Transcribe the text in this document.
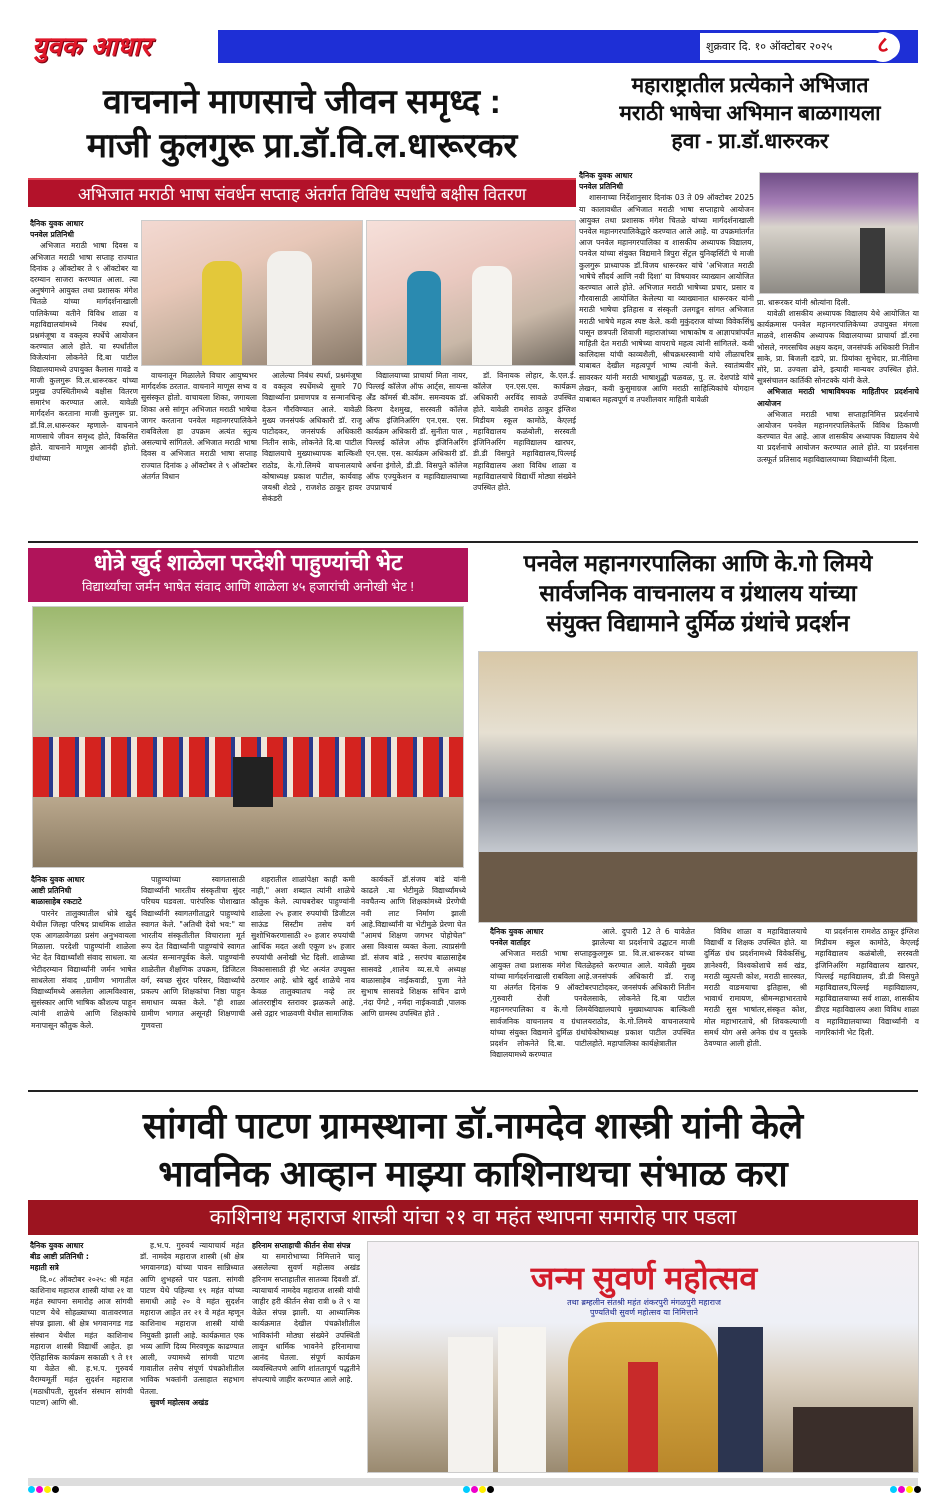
युवक आधार	शुक्रवार दि. १० ऑक्टोबर २०२५	८
वाचनाने माणसाचे जीवन समृध्द :
माजी कुलगुरू प्रा.डॉ.वि.ल.धारूरकर
अभिजात मराठी भाषा संवर्धन सप्ताह अंतर्गत विविध स्पर्धांचे बक्षीस वितरण
दैनिक युवक आधार
पनवेल प्रतिनिधी

अभिजात मराठी भाषा दिवस व अभिजात मराठी भाषा सप्ताह राज्यात दिनांक ३ ऑक्टोबर ते ९ ऑक्टोबर या दरम्यान साजरा करण्यात आला. त्या अनुषंगाने आयुक्त तथा प्रशासक मंगेश चितळे यांच्या मार्गदर्शनाखाली पालिकेच्या वतीने विविध शाळा व महाविद्यालयांमध्ये निबंध स्पर्धा, प्रश्नमंजूषा व वक्तृत्व स्पर्धेचे आयोजन करण्यात आले होते. या स्पर्धांतील विजेत्यांना लोकनेते दि.बा पाटील विद्यालयामध्ये उपायुक्त कैलास गावडे व माजी कुलगुरू वि.ल.धारूरकर यांच्या प्रमुख उपस्थितीमध्ये बक्षीस वितरण समारंभ करण्यात आले. यावेळी मार्गदर्शन करताना माजी कुलगुरू प्रा. डॉ.वि.ल.धारूरकर म्हणाले- वाचनाने माणसाचे जीवन समृध्द होते, विकसित होते. वाचनाने माणूस आनंदी होतो. ग्रंथांच्या

वाचनातून मिळालेले विचार आयुष्यभर मार्गदर्शक ठरतात. वाचनाने माणूस सभ्य व सुसंस्कृत होतो. वाचायला शिका, जगायला शिका असे सांगून अभिजात मराठी भाषेचा जागर करताना पनवेल महानगरपालिकेने राबविलेला हा उपक्रम अत्यंत स्तुत्य असल्याचे सांगितले. अभिजात मराठी भाषा दिवस व अभिजात मराठी भाषा सप्ताह राज्यात दिनांक ३ ऑक्टोबर ते ९ ऑक्टोबर अंतर्गत विधान

आलेल्या निबंध स्पर्धा, प्रश्नमंजूषा व वक्तृत्व स्पर्धेमध्ये सुमारे 70 विद्यार्थ्यांना प्रमाणपत्र व सन्मानचिन्ह देऊन गौरविण्यात आले. यावेळी मुख्य जनसंपर्क अधिकारी डॉ. राजू पाटोदकर, जनसंपर्क अधिकारी नितीन साके, लोकनेते दि.बा पाटील विद्यालयाचे मुख्याध्यापक बाल्किशी राठोड, के.गो.लिमये वाचनालयाचे कोषाध्यक्ष प्रकाश पाटील, कार्यवाह जयश्री शेट्ये , राजशेठ ठाकूर हायर सेकंडरी

विद्यालयाच्या प्राचार्या मिता नायर, पिल्लई कॉलेज ऑफ आर्ट्स, सायन्स अँड कॉमर्स बी.कॉम. समन्वयक डॉ. किरण देशमुख, सरस्वती कॉलेज ऑफ इंजिनिअरिंग एन.एस. एस. कार्यक्रम अधिकारी डॉ. सुनीता पाल , पिल्लई कॉलेज ऑफ इंजिनिअरिंग एन.एस. एस. कार्यक्रम अधिकारी डॉ. अर्चना इंगोले, डी.डी. विसपुते कॉलेज ऑफ एज्युकेशन व महाविद्यालयाच्या उपप्राचार्य

डॉ. विनायक लोहार, के.एल.ई. कॉलेज एन.एस.एस. कार्यक्रम अधिकारी अरविंद सावळे उपस्थित होते. यावेळी रामशेठ ठाकूर इंग्लिश मिडीयम स्कूल कामोठे, केएलई महाविद्यालय कळंबोली, सरस्वती इंजिनिअरिंग महाविद्यालय खारघर, डी.डी विसपुते महाविद्यालय,पिल्लई महाविद्यालय अशा विविध शाळा व महाविद्यालयाचे विद्यार्थी मोठ्या संख्येने उपस्थित होते.

महाराष्ट्रातील प्रत्येकाने अभिजात
मराठी भाषेचा अभिमान बाळगायला
हवा - प्रा.डॉ.धारुरकर
दैनिक युवक आधार
पनवेल प्रतिनिधी

शासनाच्या निर्देशानुसार दिनांक 03 ते 09 ऑक्टोबर 2025 या कालावधीत अभिजात मराठी भाषा सप्ताहाचे आयोजन आयुक्त तथा प्रशासक मंगेश चितळे यांच्या मार्गदर्शनाखाली पनवेल महानगरपालिकेद्वारे करण्यात आले आहे. या उपक्रमांतर्गत आज पनवेल महानगरपालिका व शासकीय अध्यापक विद्यालय, पनवेल यांच्या संयुक्त विद्यमाने त्रिपुरा सेंट्रल युनिव्हर्सिटी चे माजी कुलगुरू प्राध्यापक डॉ.विजय धारूरकर यांचे 'अभिजात मराठी भाषेचे सौंदर्य आणि नवी दिशा' या विषयावर व्याख्यान आयोजित करण्यात आले होते. अभिजात मराठी भाषेच्या प्रचार, प्रसार व गौरवासाठी आयोजित केलेल्या या व्याख्यानात धारूरकर यांनी मराठी भाषेचा इतिहास व संस्कृती उलगडून सांगत अभिजात मराठी भाषेचे महत्व स्पष्ट केले. कवी मुकुंदराज यांच्या विवेकसिंधु पासून छत्रपती शिवाजी महाराजांच्या भाषाकोष व आज्ञापत्रांपर्यंत माहिती देत मराठी भाषेच्या वापराचे महत्व त्यांनी सांगितले. कवी कालिदास यांची काव्यशैली, श्रीचक्रधरस्वामी यांचे लीळाचरित्र याबाबत देखील महत्वपूर्ण भाष्य त्यांनी केले. स्वातंत्र्यवीर सावरकर यांनी मराठी भाषाशुद्धी चळवळ, पु. ल. देशपांडे यांचे लेखन, कवी कुसुमाग्रज आणि मराठी साहित्यिकांचे योगदान याबाबत महत्वपूर्ण व तपशीलवार माहिती यावेळी

प्रा. धारूरकर यांनी श्रोत्यांना दिली.

यावेळी शासकीय अध्यापक विद्यालय येथे आयोजित या कार्यक्रमास पनवेल महानगरपालिकेच्या उपायुक्त मंगला माळवे, शासकीय अध्यापक विद्यालयाच्या प्राचार्या डॉ.रमा भोसले, नगरसचिव अक्षय कदम, जनसंपर्क अधिकारी नितीन साके, प्रा. बिजली दडपे, प्रा. प्रियांका सुभेदार, प्रा.नीतिमा मोरे, प्रा. उज्वला ढोने, इत्यादी मान्यवर उपस्थित होते. सूत्रसंचालन कार्तिकी सोनटक्के यांनी केले.

अभिजात मराठी भाषाविषयक माहितीपर प्रदर्शनाचे आयोजन

अभिजात मराठी भाषा सप्ताहानिमित्त प्रदर्शनाचे आयोजन पनवेल महानगरपालिकेतर्फे विविध ठिकाणी करण्यात येत आहे. आज शासकीय अध्यापक विद्यालय येथे या प्रदर्शनाचे आयोजन करण्यात आले होते. या प्रदर्शनास उत्स्फूर्त प्रतिसाद महाविद्यालयाच्या विद्यार्थ्यांनी दिला.

धोत्रे खुर्द शाळेला परदेशी पाहुण्यांची भेट
विद्यार्थ्यांचा जर्मन भाषेत संवाद आणि शाळेला ४५ हजारांची अनोखी भेट !
दैनिक युवक आधार
आष्टी प्रतिनिधी
बाळासाहेब रकटाटे

पारनेर तालुक्यातील धोत्रे खुर्द येथील जिल्हा परिषद प्राथमिक शाळेत एक आगळावेगळा प्रसंग अनुभवायला मिळाला. परदेशी पाहुण्यांनी शाळेला भेट देत विद्यार्थ्यांशी संवाद साधला. या भेटीदरम्यान विद्यार्थ्यांनी जर्मन भाषेत साधलेला संवाद ,ग्रामीण भागातील विद्यार्थ्यांमध्ये असलेला आत्मविश्वास, सुसंस्कार आणि भाषिक कौशल्य पाहून त्यांनी शाळेचे आणि शिक्षकांचे मनापासून कौतुक केले.

पाहुण्यांच्या स्वागतासाठी विद्यार्थ्यांनी भारतीय संस्कृतीचा सुंदर परिचय घडवला. पारंपरिक पोशाखात विद्यार्थ्यांनी स्वागतगीताद्वारे पाहुण्यांचे स्वागत केले. "अतिथी देवो भव:" या भारतीय संस्कृतीतील विचाराला मूर्त रूप देत विद्यार्थ्यांनी पाहुण्यांचे स्वागत अत्यंत सन्मानपूर्वक केले. पाहुण्यांनी शाळेतील शैक्षणिक उपक्रम, डिजिटल वर्ग, स्वच्छ सुंदर परिसर, विद्यार्थ्यांचे प्रकल्प आणि शिक्षकांचा निष्ठा पाहून समाधान व्यक्त केले. "ही शाळा ग्रामीण भागात असूनही शिक्षणाची गुणवत्ता

शहरातील शाळांपेक्षा काही कमी नाही," अशा शब्दात त्यांनी शाळेचे कौतुक केले. त्याचबरोबर पाहुण्यांनी शाळेला २५ हजार रुपयांची डिजीटल साऊंड सिस्टीम तसेच वर्ग सुशोभिकरणासाठी २० हजार रुपयांची आर्थिक मदत अशी एकूण ४५ हजार रुपयांची अनोखी भेट दिली. शाळेच्या विकासासाठी ही भेट अत्यंत उपयुक्त ठरणार आहे. धोत्रे खुर्द शाळेचे नाव केवळ तालुक्यातच नव्हे तर आंतरराष्ट्रीय स्तरावर झळकले आहे. असे उद्गार भाळवणी येथील सामाजिक

कार्यकर्ते डॉ.संजय बांडे यांनी काढले .या भेटीमुळे विद्यार्थ्यांमध्ये नवचैतन्य आणि शिक्षकांमध्ये प्रेरणेची नवी लाट निर्माण झाली आहे.विद्यार्थ्यांनी या भेटीमुळे प्रेरणा घेत "आमचं शिक्षण जगभर पोहोचेल" असा विश्वास व्यक्त केला. त्याप्रसंगी डॉ. संजय बांडे , सरपंच बाळासाहेब सासवडे ,शालेय व्य.स.चे अध्यक्ष बाळासाहेब नाईकवाडी, पुजा नेते सुभाष सासवडे शिक्षक सचिन ढाणे ,नंदा पेंगटे , नर्मदा नाईकवाडी ,पालक आणि ग्रामस्थ उपस्थित होते .

पनवेल महानगरपालिका आणि के.गो लिमये
सार्वजनिक वाचनालय व ग्रंथालय यांच्या
संयुक्त विद्यामाने दुर्मिळ ग्रंथांचे प्रदर्शन
दैनिक युवक आधार
पनवेल वार्ताहर

अभिजात मराठी भाषा सप्ताह आयुक्त तथा प्रशासक मंगेश चितळे यांच्या मार्गदर्शनाखाली राबविला आहे. या अंतर्गत दिनांक 9 ऑक्टोबर ,गुरुवारी रोजी पनवेल महानगरपालिका व के.गो लिमये सार्वजनिक वाचनालय व ग्रंथालय यांच्या संयुक्त विद्यमाने दुर्मिळ ग्रंथांचे प्रदर्शन लोकनेते दि.बा. पाटील विद्यालयामध्ये करण्यात

आले. दुपारी 12 ते 6 यावेळेत झालेल्या या प्रदर्शनाचे उद्घाटन माजी कुलगुरू प्रा. वि.ल.धारूरकर यांच्या हस्ते करण्यात आले. यावेळी मुख्य जनसंपर्क अधिकारी डॉ. राजू पाटोदकर, जनसंपर्क अधिकारी नितीन साके, लोकनेते दि.बा पाटील विद्यालयाचे मुख्याध्यापक बाल्किशी राठोड, के.गो.लिमये वाचनालयाचे कोषाध्यक्ष प्रकाश पाटील उपस्थित होते. महापालिका कार्यक्षेत्रातील

विविध शाळा व महाविद्यालयाचे विद्यार्थी व शिक्षक उपस्थित होते. या दुर्मिळ ग्रंथ प्रदर्शनामध्ये विवेकसिंधु, ज्ञानेश्वरी, विश्वकोशाचे सर्व खंड, मराठी व्युत्पत्ती कोश, मराठी सारस्वत, मराठी वाङमयाचा इतिहास, श्री भावार्थ रामायण, श्रीमन्महाभारताचे मराठी सुस भाषांतर,संस्कृत कोश, मोल महाभारताचे, श्री शिवकल्याणी समर्थ योग असे अनेक ग्रंथ व पुस्तके ठेवण्यात आली होती.

या प्रदर्शनास रामशेठ ठाकूर इंग्लिश मिडीयम स्कूल कामोठे, केएलई महाविद्यालय कळंबोली, सरस्वती इंजिनिअरिंग महाविद्यालय खारघर, पिल्लई महाविद्यालय, डी.डी विसपुते महाविद्यालय,पिल्लई महाविद्यालय, महाविद्यालयाच्या सर्व शाळा, शासकीय डीएड महाविद्यालय अशा विविध शाळा व महाविद्यालयाच्या विद्यार्थ्यांनी व नागरिकांनी भेट दिली.

सांगवी पाटण ग्रामस्थाना डॉ.नामदेव शास्त्री यांनी केले
भावनिक आव्हान माझ्या काशिनाथचा संभाळ करा
काशिनाथ महाराज शास्त्री यांचा २१ वा महंत स्थापना समारोह पार पडला
दैनिक युवक आधार
बीड आष्टी प्रतिनिधी :
महाती सत्रे

दि.०८ ऑक्टोबर २०२५: श्री महंत काशिनाथ महाराज शास्त्री यांचा २१ वा महंत स्थापना समारोह आज सांगवी पाटण येथे सोहळ्याच्या वातावरणात संपन्न झाला. श्री क्षेत्र भगवानगड गड संस्थान येथील महंत काशिनाथ महाराज शास्त्री विद्यार्थी आहेत. हा ऐतिहासिक कार्यक्रम सकाळी ९ ते ११ या वेळेत श्री. ह.भ.प. गुरुवर्य वैराग्यमूर्ती महंत सुदर्शन महाराज (मठाधीपती, सुदर्शन संस्थान सांगवी पाटण) आणि श्री.

ह.भ.प. गुरुवर्य न्यायाचार्य महंत डॉ. नामदेव महाराज शास्त्री (श्री क्षेत्र भगवानगड) यांच्या पावन सान्निध्यात आणि शुभहस्ते पार पडला. सांगवी पाटण येथे पहिल्या १९ महंत यांच्या समाधी आहे २० वे महंत सुदर्शन महाराज आहेत तर २१ वे महंत म्हणून काशिनाथ महाराज शास्त्री यांची नियुक्ती झाली आहे. कार्यक्रमात एक भव्य आणि दिव्य मिरवणूक काढण्यात आली, ज्यामध्ये सांगवी पाटण गावातील तसेच संपूर्ण पंचक्रोशीतील भाविक भक्तांनी उत्साहात सहभाग घेतला.

सुवर्ण महोत्सव अखंड
हरिनाम सप्ताहाची कीर्तन सेवा संपन्न

या समारोभाच्या निमित्ताने चालू असलेल्या सुवर्ण महोत्सव अखंड हरिनाम सप्ताहातील सातव्या दिवशी डॉ. न्यायाचार्य नामदेव महाराज शास्त्री यांची जाहीर हरी कीर्तन सेवा रात्री ७ ते ९ या वेळेत संपन्न झाली. या आध्यात्मिक कार्यक्रमात देखील पंचक्रोशीतील भाविकांनी मोठ्या संख्येने उपस्थिती लावून धार्मिक भावनेने हरिनामाचा आनंद घेतला. संपूर्ण कार्यक्रम व्यवस्थितपणे आणि शांततापूर्ण पद्धतीने संपल्याचे जाहीर करण्यात आले आहे.

जन्म सुवर्ण महोत्सव
तथा ब्रम्हलीन संतश्री महंत शंकरपुरी मंगळपुरी महाराज
पुण्यतिथी सुवर्ण महोत्सव या निमित्ताने
